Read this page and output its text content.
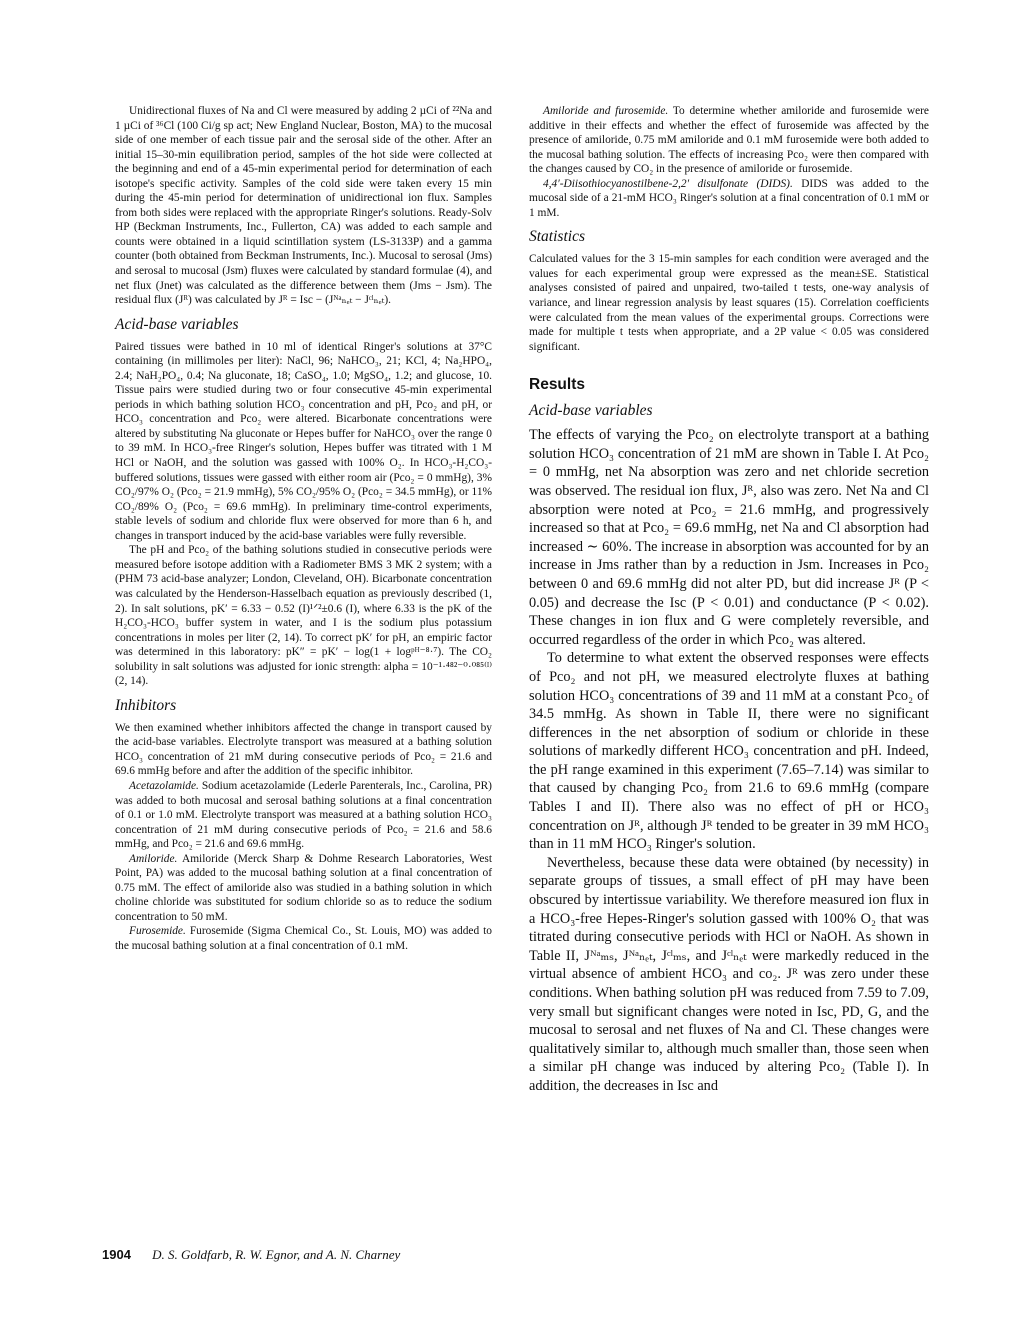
Unidirectional fluxes of Na and Cl were measured by adding 2 µCi of ²²Na and 1 µCi of ³⁶Cl (100 Ci/g sp act; New England Nuclear, Boston, MA) to the mucosal side of one member of each tissue pair and the serosal side of the other. After an initial 15–30-min equilibration period, samples of the hot side were collected at the beginning and end of a 45-min experimental period for determination of each isotope's specific activity. Samples of the cold side were taken every 15 min during the 45-min period for determination of unidirectional ion flux. Samples from both sides were replaced with the appropriate Ringer's solutions. Ready-Solv HP (Beckman Instruments, Inc., Fullerton, CA) was added to each sample and counts were obtained in a liquid scintillation system (LS-3133P) and a gamma counter (both obtained from Beckman Instruments, Inc.). Mucosal to serosal (Jms) and serosal to mucosal (Jsm) fluxes were calculated by standard formulae (4), and net flux (Jnet) was calculated as the difference between them (Jms − Jsm). The residual flux (Jᴿ) was calculated by Jᴿ = Isc − (Jᴺᵃₙₑₜ − Jᶜˡₙₑₜ).

Acid-base variables

Paired tissues were bathed in 10 ml of identical Ringer's solutions at 37°C containing (in millimoles per liter): NaCl, 96; NaHCO₃, 21; KCl, 4; Na₂HPO₄, 2.4; NaH₂PO₄, 0.4; Na gluconate, 18; CaSO₄, 1.0; MgSO₄, 1.2; and glucose, 10. Tissue pairs were studied during two or four consecutive 45-min experimental periods in which bathing solution HCO₃ concentration and pH, Pco₂ and pH, or HCO₃ concentration and Pco₂ were altered. Bicarbonate concentrations were altered by substituting Na gluconate or Hepes buffer for NaHCO₃ over the range 0 to 39 mM. In HCO₃-free Ringer's solution, Hepes buffer was titrated with 1 M HCl or NaOH, and the solution was gassed with 100% O₂. In HCO₃-H₂CO₃-buffered solutions, tissues were gassed with either room air (Pco₂ = 0 mmHg), 3% CO₂/97% O₂ (Pco₂ = 21.9 mmHg), 5% CO₂/95% O₂ (Pco₂ = 34.5 mmHg), or 11% CO₂/89% O₂ (Pco₂ = 69.6 mmHg). In preliminary time-control experiments, stable levels of sodium and chloride flux were observed for more than 6 h, and changes in transport induced by the acid-base variables were fully reversible.

The pH and Pco₂ of the bathing solutions studied in consecutive periods were measured before isotope addition with a Radiometer BMS 3 MK 2 system; with a (PHM 73 acid-base analyzer; London, Cleveland, OH). Bicarbonate concentration was calculated by the Henderson-Hasselbach equation as previously described (1, 2). In salt solutions, pK′ = 6.33 − 0.52 (I)¹ᐟ²±0.6 (I), where 6.33 is the pK of the H₂CO₃-HCO₃ buffer system in water, and I is the sodium plus potassium concentrations in moles per liter (2, 14). To correct pK′ for pH, an empiric factor was determined in this laboratory: pK″ = pK′ − log(1 + logᵖᴴ⁻⁸·⁷). The CO₂ solubility in salt solutions was adjusted for ionic strength: alpha = 10⁻¹·⁴⁸²⁻⁰·⁰⁸⁵⁽ᴵ⁾ (2, 14).

Inhibitors

We then examined whether inhibitors affected the change in transport caused by the acid-base variables. Electrolyte transport was measured at a bathing solution HCO₃ concentration of 21 mM during consecutive periods of Pco₂ = 21.6 and 69.6 mmHg before and after the addition of the specific inhibitor.

Acetazolamide. Sodium acetazolamide (Lederle Parenterals, Inc., Carolina, PR) was added to both mucosal and serosal bathing solutions at a final concentration of 0.1 or 1.0 mM. Electrolyte transport was measured at a bathing solution HCO₃ concentration of 21 mM during consecutive periods of Pco₂ = 21.6 and 58.6 mmHg, and Pco₂ = 21.6 and 69.6 mmHg.

Amiloride. Amiloride (Merck Sharp & Dohme Research Laboratories, West Point, PA) was added to the mucosal bathing solution at a final concentration of 0.75 mM. The effect of amiloride also was studied in a bathing solution in which choline chloride was substituted for sodium chloride so as to reduce the sodium concentration to 50 mM.

Furosemide. Furosemide (Sigma Chemical Co., St. Louis, MO) was added to the mucosal bathing solution at a final concentration of 0.1 mM.

Amiloride and furosemide. To determine whether amiloride and furosemide were additive in their effects and whether the effect of furosemide was affected by the presence of amiloride, 0.75 mM amiloride and 0.1 mM furosemide were both added to the mucosal bathing solution. The effects of increasing Pco₂ were then compared with the changes caused by CO₂ in the presence of amiloride or furosemide.

4,4′-Diisothiocyanostilbene-2,2′ disulfonate (DIDS). DIDS was added to the mucosal side of a 21-mM HCO₃ Ringer's solution at a final concentration of 0.1 mM or 1 mM.

Statistics

Calculated values for the 3 15-min samples for each condition were averaged and the values for each experimental group were expressed as the mean±SE. Statistical analyses consisted of paired and unpaired, two-tailed t tests, one-way analysis of variance, and linear regression analysis by least squares (15). Correlation coefficients were calculated from the mean values of the experimental groups. Corrections were made for multiple t tests when appropriate, and a 2P value < 0.05 was considered significant.

Results
Acid-base variables

The effects of varying the Pco₂ on electrolyte transport at a bathing solution HCO₃ concentration of 21 mM are shown in Table I. At Pco₂ = 0 mmHg, net Na absorption was zero and net chloride secretion was observed. The residual ion flux, Jᴿ, also was zero. Net Na and Cl absorption were noted at Pco₂ = 21.6 mmHg, and progressively increased so that at Pco₂ = 69.6 mmHg, net Na and Cl absorption had increased ∼ 60%. The increase in absorption was accounted for by an increase in Jms rather than by a reduction in Jsm. Increases in Pco₂ between 0 and 69.6 mmHg did not alter PD, but did increase Jᴿ (P < 0.05) and decrease the Isc (P < 0.01) and conductance (P < 0.02). These changes in ion flux and G were completely reversible, and occurred regardless of the order in which Pco₂ was altered.

To determine to what extent the observed responses were effects of Pco₂ and not pH, we measured electrolyte fluxes at bathing solution HCO₃ concentrations of 39 and 11 mM at a constant Pco₂ of 34.5 mmHg. As shown in Table II, there were no significant differences in the net absorption of sodium or chloride in these solutions of markedly different HCO₃ concentration and pH. Indeed, the pH range examined in this experiment (7.65–7.14) was similar to that caused by changing Pco₂ from 21.6 to 69.6 mmHg (compare Tables I and II). There also was no effect of pH or HCO₃ concentration on Jᴿ, although Jᴿ tended to be greater in 39 mM HCO₃ than in 11 mM HCO₃ Ringer's solution.

Nevertheless, because these data were obtained (by necessity) in separate groups of tissues, a small effect of pH may have been obscured by intertissue variability. We therefore measured ion flux in a HCO₃-free Hepes-Ringer's solution gassed with 100% O₂ that was titrated during consecutive periods with HCl or NaOH. As shown in Table II, Jᴺᵃₘₛ, Jᴺᵃₙₑₜ, Jᶜˡₘₛ, and Jᶜˡₙₑₜ were markedly reduced in the virtual absence of ambient HCO₃ and co₂. Jᴿ was zero under these conditions. When bathing solution pH was reduced from 7.59 to 7.09, very small but significant changes were noted in Isc, PD, G, and the mucosal to serosal and net fluxes of Na and Cl. These changes were qualitatively similar to, although much smaller than, those seen when a similar pH change was induced by altering Pco₂ (Table I). In addition, the decreases in Isc and

1904 D. S. Goldfarb, R. W. Egnor, and A. N. Charney
